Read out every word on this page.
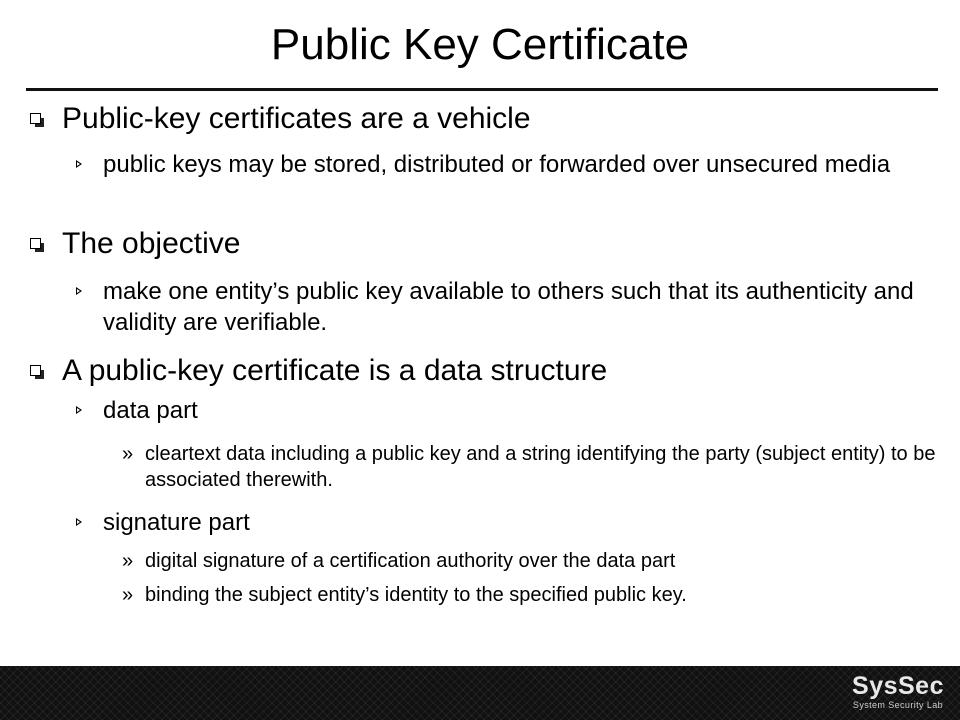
Public Key Certificate
Public-key certificates are a vehicle
public keys may be stored, distributed or forwarded over unsecured media
The objective
make one entity’s public key available to others such that its authenticity and validity are verifiable.
A public-key certificate is a data structure
data part
» cleartext data including a public key and a string identifying the party (subject entity) to be associated therewith.
signature part
» digital signature of a certification authority over the data part
» binding the subject entity’s identity to the specified public key.
SysSec
System Security Lab
